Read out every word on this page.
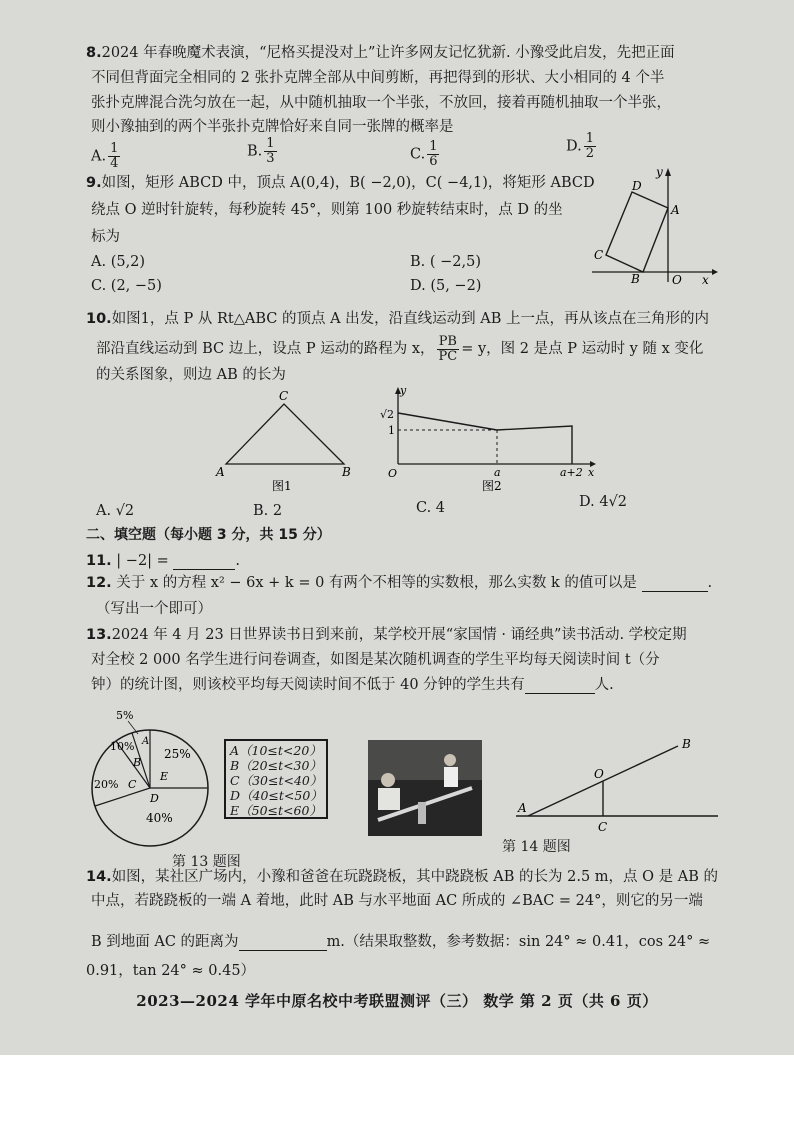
8.2024 年春晚魔术表演，“尼格买提没对上”让许多网友记忆犹新. 小豫受此启发，先把正面
不同但背面完全相同的 2 张扑克牌全部从中间剪断，再把得到的形状、大小相同的 4 个半
张扑克牌混合洗匀放在一起，从中随机抽取一个半张，不放回，接着再随机抽取一个半张，
则小豫抽到的两个半张扑克牌恰好来自同一张牌的概率是
A. $\frac{1}{4}$	B. $\frac{1}{3}$	C. $\frac{1}{6}$	D. $\frac{1}{2}$
9.如图，矩形 ABCD 中，顶点 A(0,4)，B( −2,0)，C( −4,1)，将矩形 ABCD
绕点 O 逆时针旋转，每秒旋转 45°，则第 100 秒旋转结束时，点 D 的坐
标为
A. (5,2)	B. ( −2,5)
C. (2, −5)	D. (5, −2)
D
y
A
C
B	O x
10.如图1，点 P 从 Rt△ABC 的顶点 A 出发，沿直线运动到 AB 上一点，再从该点在三角形的内
部沿直线运动到 BC 边上，设点 P 运动的路程为 x， $\frac{PB}{PC} = y$，图 2 是点 P 运动时 y 随 x 变化
的关系图象，则边 AB 的长为
C
A	B
图1
y
√2
1
O	a	a+2 x
图2
A. √2	B. 2	C. 4	D. 4√2
二、填空题（每小题 3 分，共 15 分）
11. | −2| =	.
12. 关于 x 的方程 x² − 6x + k = 0 有两个不相等的实数根，那么实数 k 的值可以是	.
（写出一个即可）
13.2024 年 4 月 23 日世界读书日到来前，某学校开展“家国情 · 诵经典”读书活动. 学校定期
对全校 2 000 名学生进行问卷调查，如图是某次随机调查的学生平均每天阅读时间 t（分
钟）的统计图，则该校平均每天阅读时间不低于 40 分钟的学生共有	人.
5%
A
10%
B
25%
E
20% C
D
40%
A（10≤t<20）
B（20≤t<30）
C（30≤t<40）
D（40≤t<50）
E（50≤t<60）
第 13 题图
B
O
A
C
第 14 题图
14.如图，某社区广场内，小豫和爸爸在玩跷跷板，其中跷跷板 AB 的长为 2.5 m，点 O 是 AB 的
中点，若跷跷板的一端 A 着地，此时 AB 与水平地面 AC 所成的 ∠BAC = 24°，则它的另一端
B 到地面 AC 的距离为	m.（结果取整数，参考数据：sin 24° ≈ 0.41，cos 24° ≈
0.91，tan 24° ≈ 0.45）
2023—2024 学年中原名校中考联盟测评（三） 数学 第 2 页（共 6 页）
